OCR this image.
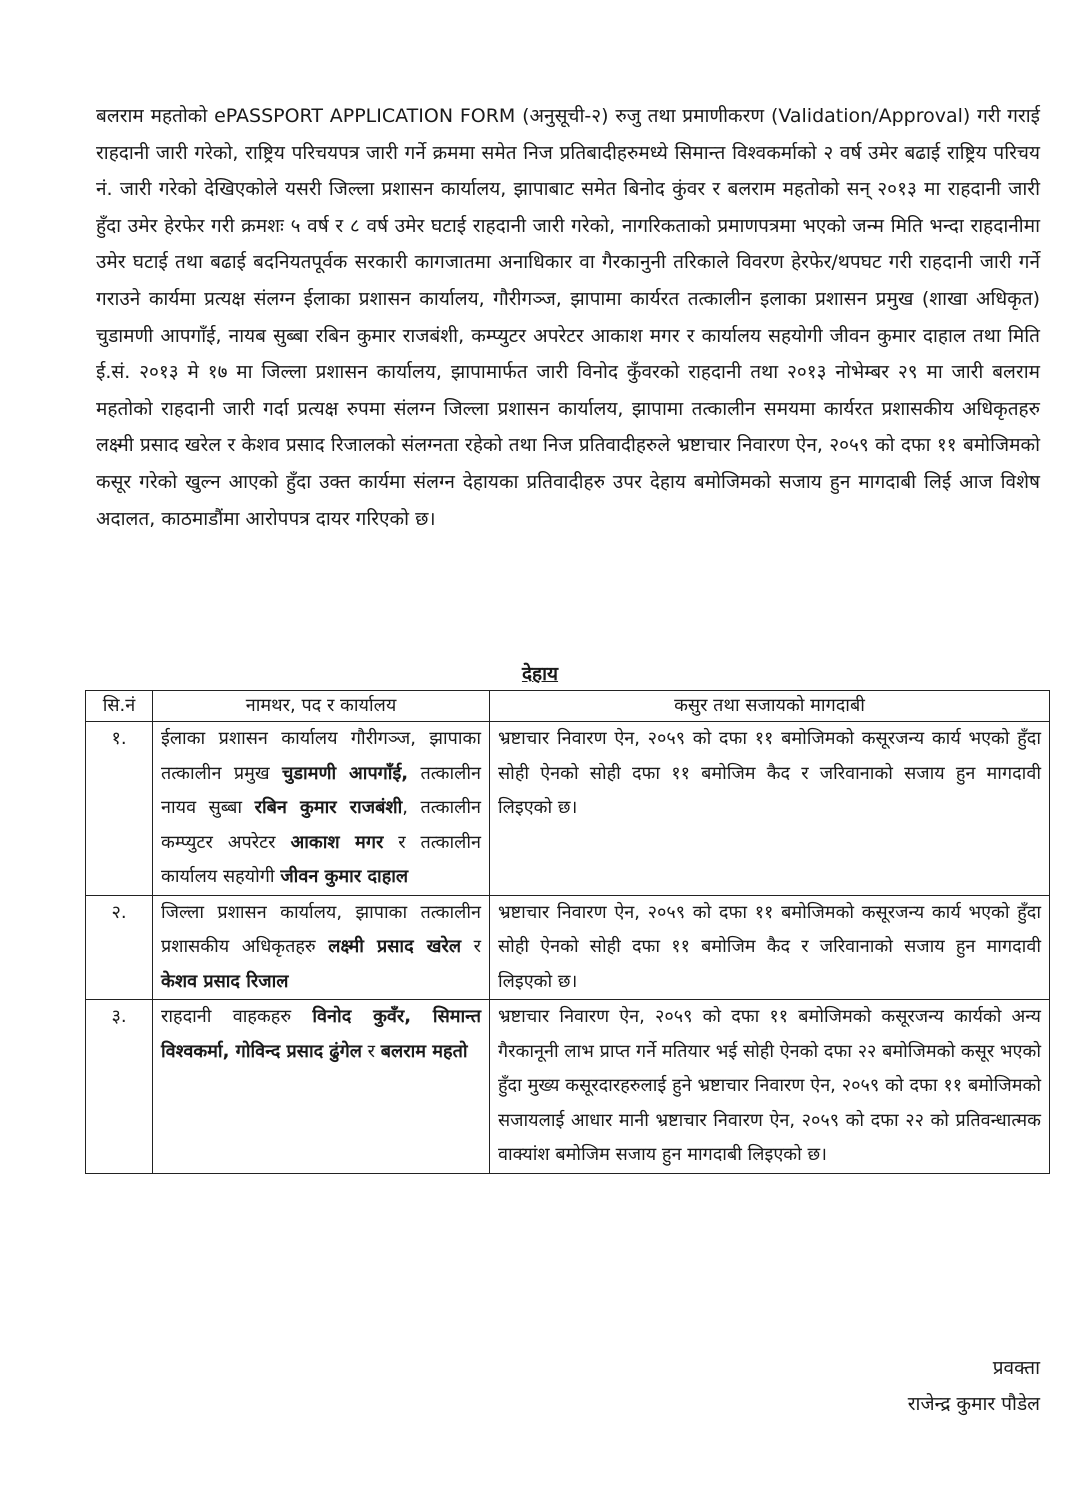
बलराम महतोको ePASSPORT APPLICATION FORM (अनुसूची-२) रुजु तथा प्रमाणीकरण (Validation/Approval) गरी गराई राहदानी जारी गरेको, राष्ट्रिय परिचयपत्र जारी गर्ने क्रममा समेत निज प्रतिबादीहरुमध्ये सिमान्त विश्वकर्माको २ वर्ष उमेर बढाई राष्ट्रिय परिचय नं. जारी गरेको देखिएकोले यसरी जिल्ला प्रशासन कार्यालय, झापाबाट समेत बिनोद कुंवर र बलराम महतोको सन् २०१३ मा राहदानी जारी हुँदा उमेर हेरफेर गरी क्रमशः ५ वर्ष र ८ वर्ष उमेर घटाई राहदानी जारी गरेको, नागरिकताको प्रमाणपत्रमा भएको जन्म मिति भन्दा राहदानीमा उमेर घटाई तथा बढाई बदनियतपूर्वक सरकारी कागजातमा अनाधिकार वा गैरकानुनी तरिकाले विवरण हेरफेर/थपघट गरी राहदानी जारी गर्ने गराउने कार्यमा प्रत्यक्ष संलग्न ईलाका प्रशासन कार्यालय, गौरीगञ्ज, झापामा कार्यरत तत्कालीन इलाका प्रशासन प्रमुख (शाखा अधिकृत) चुडामणी आपगाँई, नायब सुब्बा रबिन कुमार राजबंशी, कम्प्युटर अपरेटर आकाश मगर र कार्यालय सहयोगी जीवन कुमार दाहाल तथा मिति ई.सं. २०१३ मे १७ मा जिल्ला प्रशासन कार्यालय, झापामार्फत जारी विनोद कुँवरको राहदानी तथा २०१३ नोभेम्बर २९ मा जारी बलराम महतोको राहदानी जारी गर्दा प्रत्यक्ष रुपमा संलग्न जिल्ला प्रशासन कार्यालय, झापामा तत्कालीन समयमा कार्यरत प्रशासकीय अधिकृतहरु लक्ष्मी प्रसाद खरेल र केशव प्रसाद रिजालको संलग्नता रहेको तथा निज प्रतिवादीहरुले भ्रष्टाचार निवारण ऐन, २०५९ को दफा ११ बमोजिमको कसूर गरेको खुल्न आएको हुँदा उक्त कार्यमा संलग्न देहायका प्रतिवादीहरु उपर देहाय बमोजिमको सजाय हुन मागदाबी लिई आज विशेष अदालत, काठमाडौंमा आरोपपत्र दायर गरिएको छ।

देहाय
सि.नं	नामथर, पद र कार्यालय	कसुर तथा सजायको मागदाबी
१.	ईलाका प्रशासन कार्यालय गौरीगञ्ज, झापाका तत्कालीन प्रमुख चुडामणी आपगाँई, तत्कालीन नायव सुब्बा रबिन कुमार राजबंशी, तत्कालीन कम्प्युटर अपरेटर आकाश मगर र तत्कालीन कार्यालय सहयोगी जीवन कुमार दाहाल	भ्रष्टाचार निवारण ऐन, २०५९ को दफा ११ बमोजिमको कसूरजन्य कार्य भएको हुँदा सोही ऐनको सोही दफा ११ बमोजिम कैद र जरिवानाको सजाय हुन मागदावी लिइएको छ।
२.	जिल्ला प्रशासन कार्यालय, झापाका तत्कालीन प्रशासकीय अधिकृतहरु लक्ष्मी प्रसाद खरेल र केशव प्रसाद रिजाल	भ्रष्टाचार निवारण ऐन, २०५९ को दफा ११ बमोजिमको कसूरजन्य कार्य भएको हुँदा सोही ऐनको सोही दफा ११ बमोजिम कैद र जरिवानाको सजाय हुन मागदावी लिइएको छ।
३.	राहदानी वाहकहरु विनोद कुवँर, सिमान्त विश्वकर्मा, गोविन्द प्रसाद ढुंगेल र बलराम महतो	भ्रष्टाचार निवारण ऐन, २०५९ को दफा ११ बमोजिमको कसूरजन्य कार्यको अन्य गैरकानूनी लाभ प्राप्त गर्ने मतियार भई सोही ऐनको दफा २२ बमोजिमको कसूर भएको हुँदा मुख्य कसूरदारहरुलाई हुने भ्रष्टाचार निवारण ऐन, २०५९ को दफा ११ बमोजिमको सजायलाई आधार मानी भ्रष्टाचार निवारण ऐन, २०५९ को दफा २२ को प्रतिवन्धात्मक वाक्यांश बमोजिम सजाय हुन मागदाबी लिइएको छ।
प्रवक्ता
राजेन्द्र कुमार पौडेल
